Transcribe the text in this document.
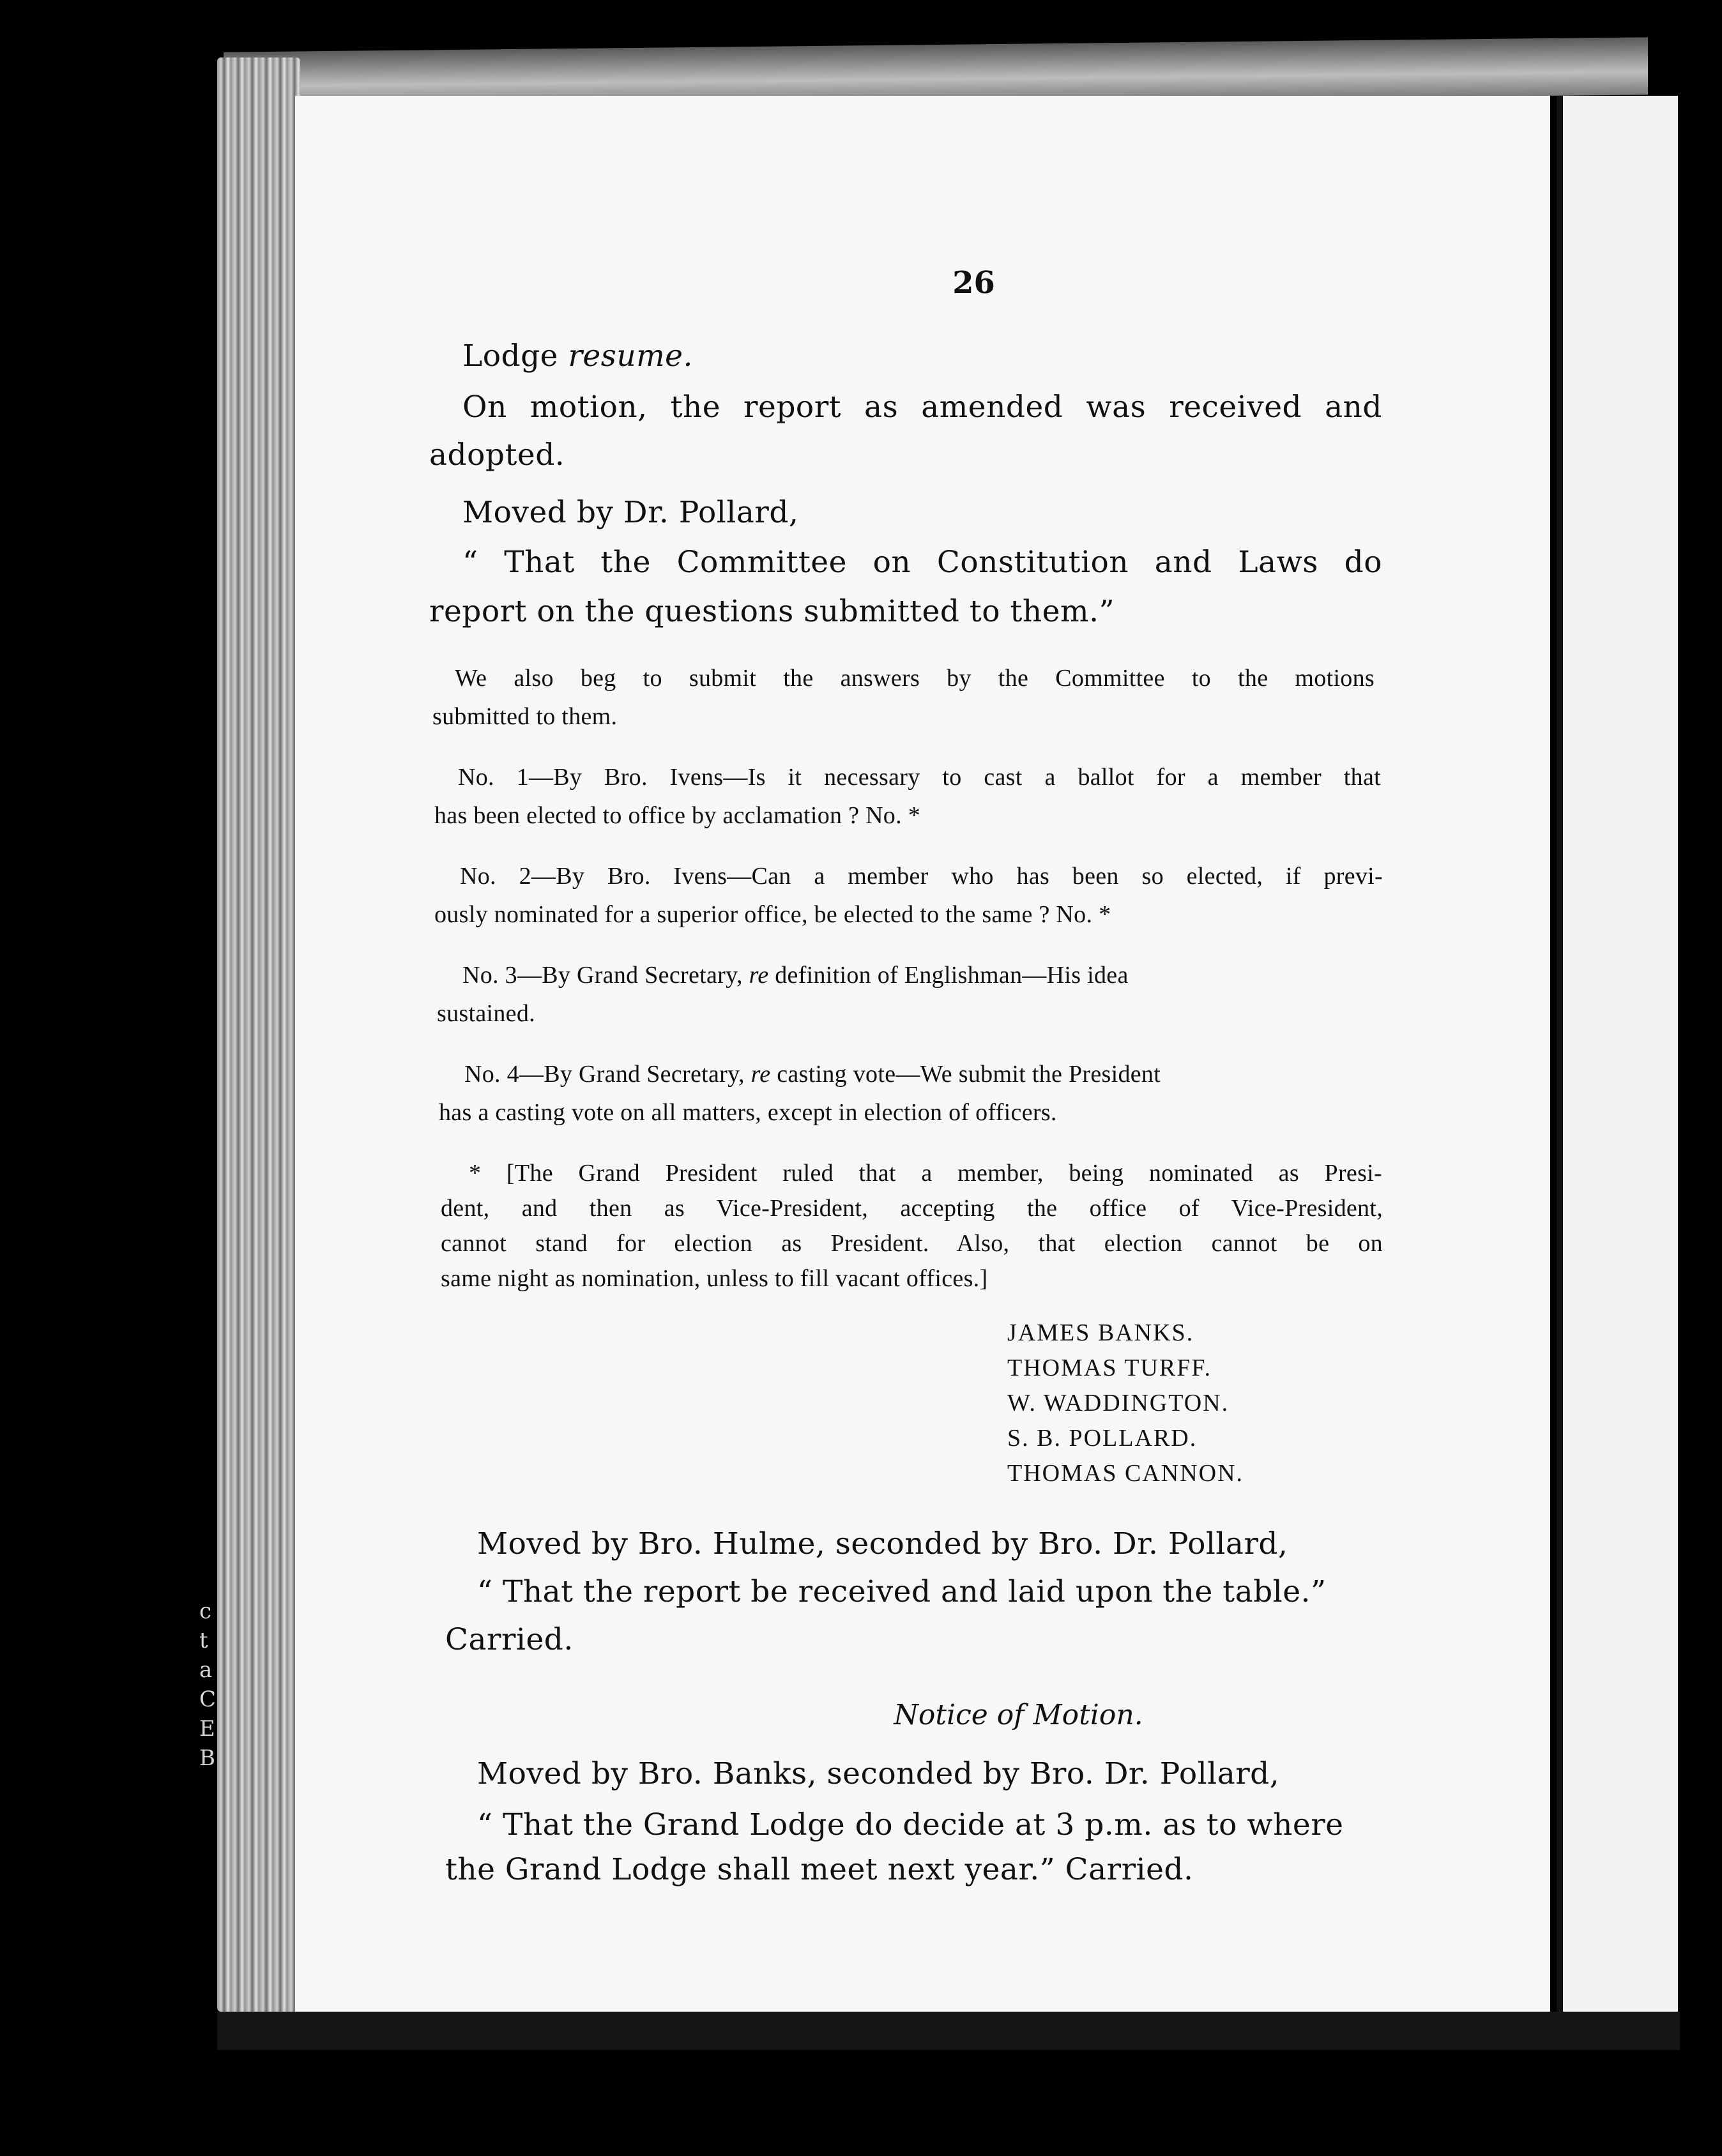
c
t
a
C
E
B
26
Lodge resume.
On motion, the report as amended was received and
adopted.
Moved by Dr. Pollard,
“ That the Committee on Constitution and Laws do
report on the questions submitted to them.”
We also beg to submit the answers by the Committee to the motions
submitted to them.
No. 1—By Bro. Ivens—Is it necessary to cast a ballot for a member that
has been elected to office by acclamation ? No. *
No. 2—By Bro. Ivens—Can a member who has been so elected, if previ-
ously nominated for a superior office, be elected to the same ? No. *
No. 3—By Grand Secretary, re definition of Englishman—His idea
sustained.
No. 4—By Grand Secretary, re casting vote—We submit the President
has a casting vote on all matters, except in election of officers.
* [The Grand President ruled that a member, being nominated as Presi-
dent, and then as Vice-President, accepting the office of Vice-President,
cannot stand for election as President. Also, that election cannot be on
same night as nomination, unless to fill vacant offices.]
JAMES BANKS.
THOMAS TURFF.
W. WADDINGTON.
S. B. POLLARD.
THOMAS CANNON.
Moved by Bro. Hulme, seconded by Bro. Dr. Pollard,
“ That the report be received and laid upon the table.”
Carried.
Notice of Motion.
Moved by Bro. Banks, seconded by Bro. Dr. Pollard,
“ That the Grand Lodge do decide at 3 p.m. as to where
the Grand Lodge shall meet next year.” Carried.
